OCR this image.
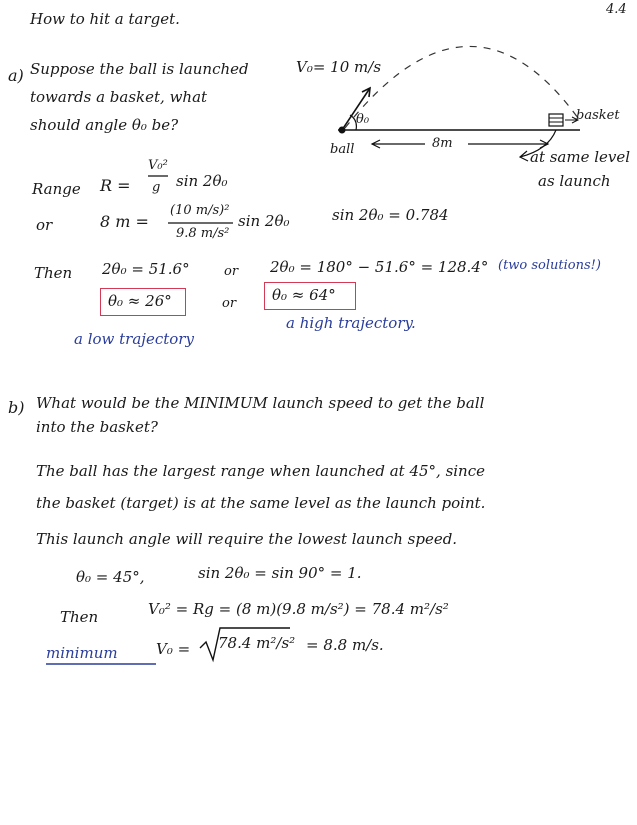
4.4
How to hit a target.
a) Suppose the ball is launched
towards a basket, what
should angle θ₀ be?
V₀= 10 m/s
θ₀
ball	8m
basket
at same level
as launch
Range R =
V₀²
g sin 2θ₀
or	8 m =
(10 m/s)²
9.8 m/s²
sin 2θ₀	sin 2θ₀ = 0.784
Then 2θ₀ = 51.6°	or 2θ₀ = 180° − 51.6° = 128.4° (two solutions!)
θ₀ ≈ 26°	or θ₀ ≈ 64°
a low trajectory
a high trajectory.
b) What would be the MINIMUM launch speed to get the ball
into the basket?
The ball has the largest range when launched at 45°, since
the basket (target) is at the same level as the launch point.
This launch angle will require the lowest launch speed.
θ₀ = 45°,	sin 2θ₀ = sin 90° = 1.
Then	V₀² = Rg = (8 m)(9.8 m/s²) = 78.4 m²/s²
minimum	V₀ = 78.4 m²/s² = 8.8 m/s.
